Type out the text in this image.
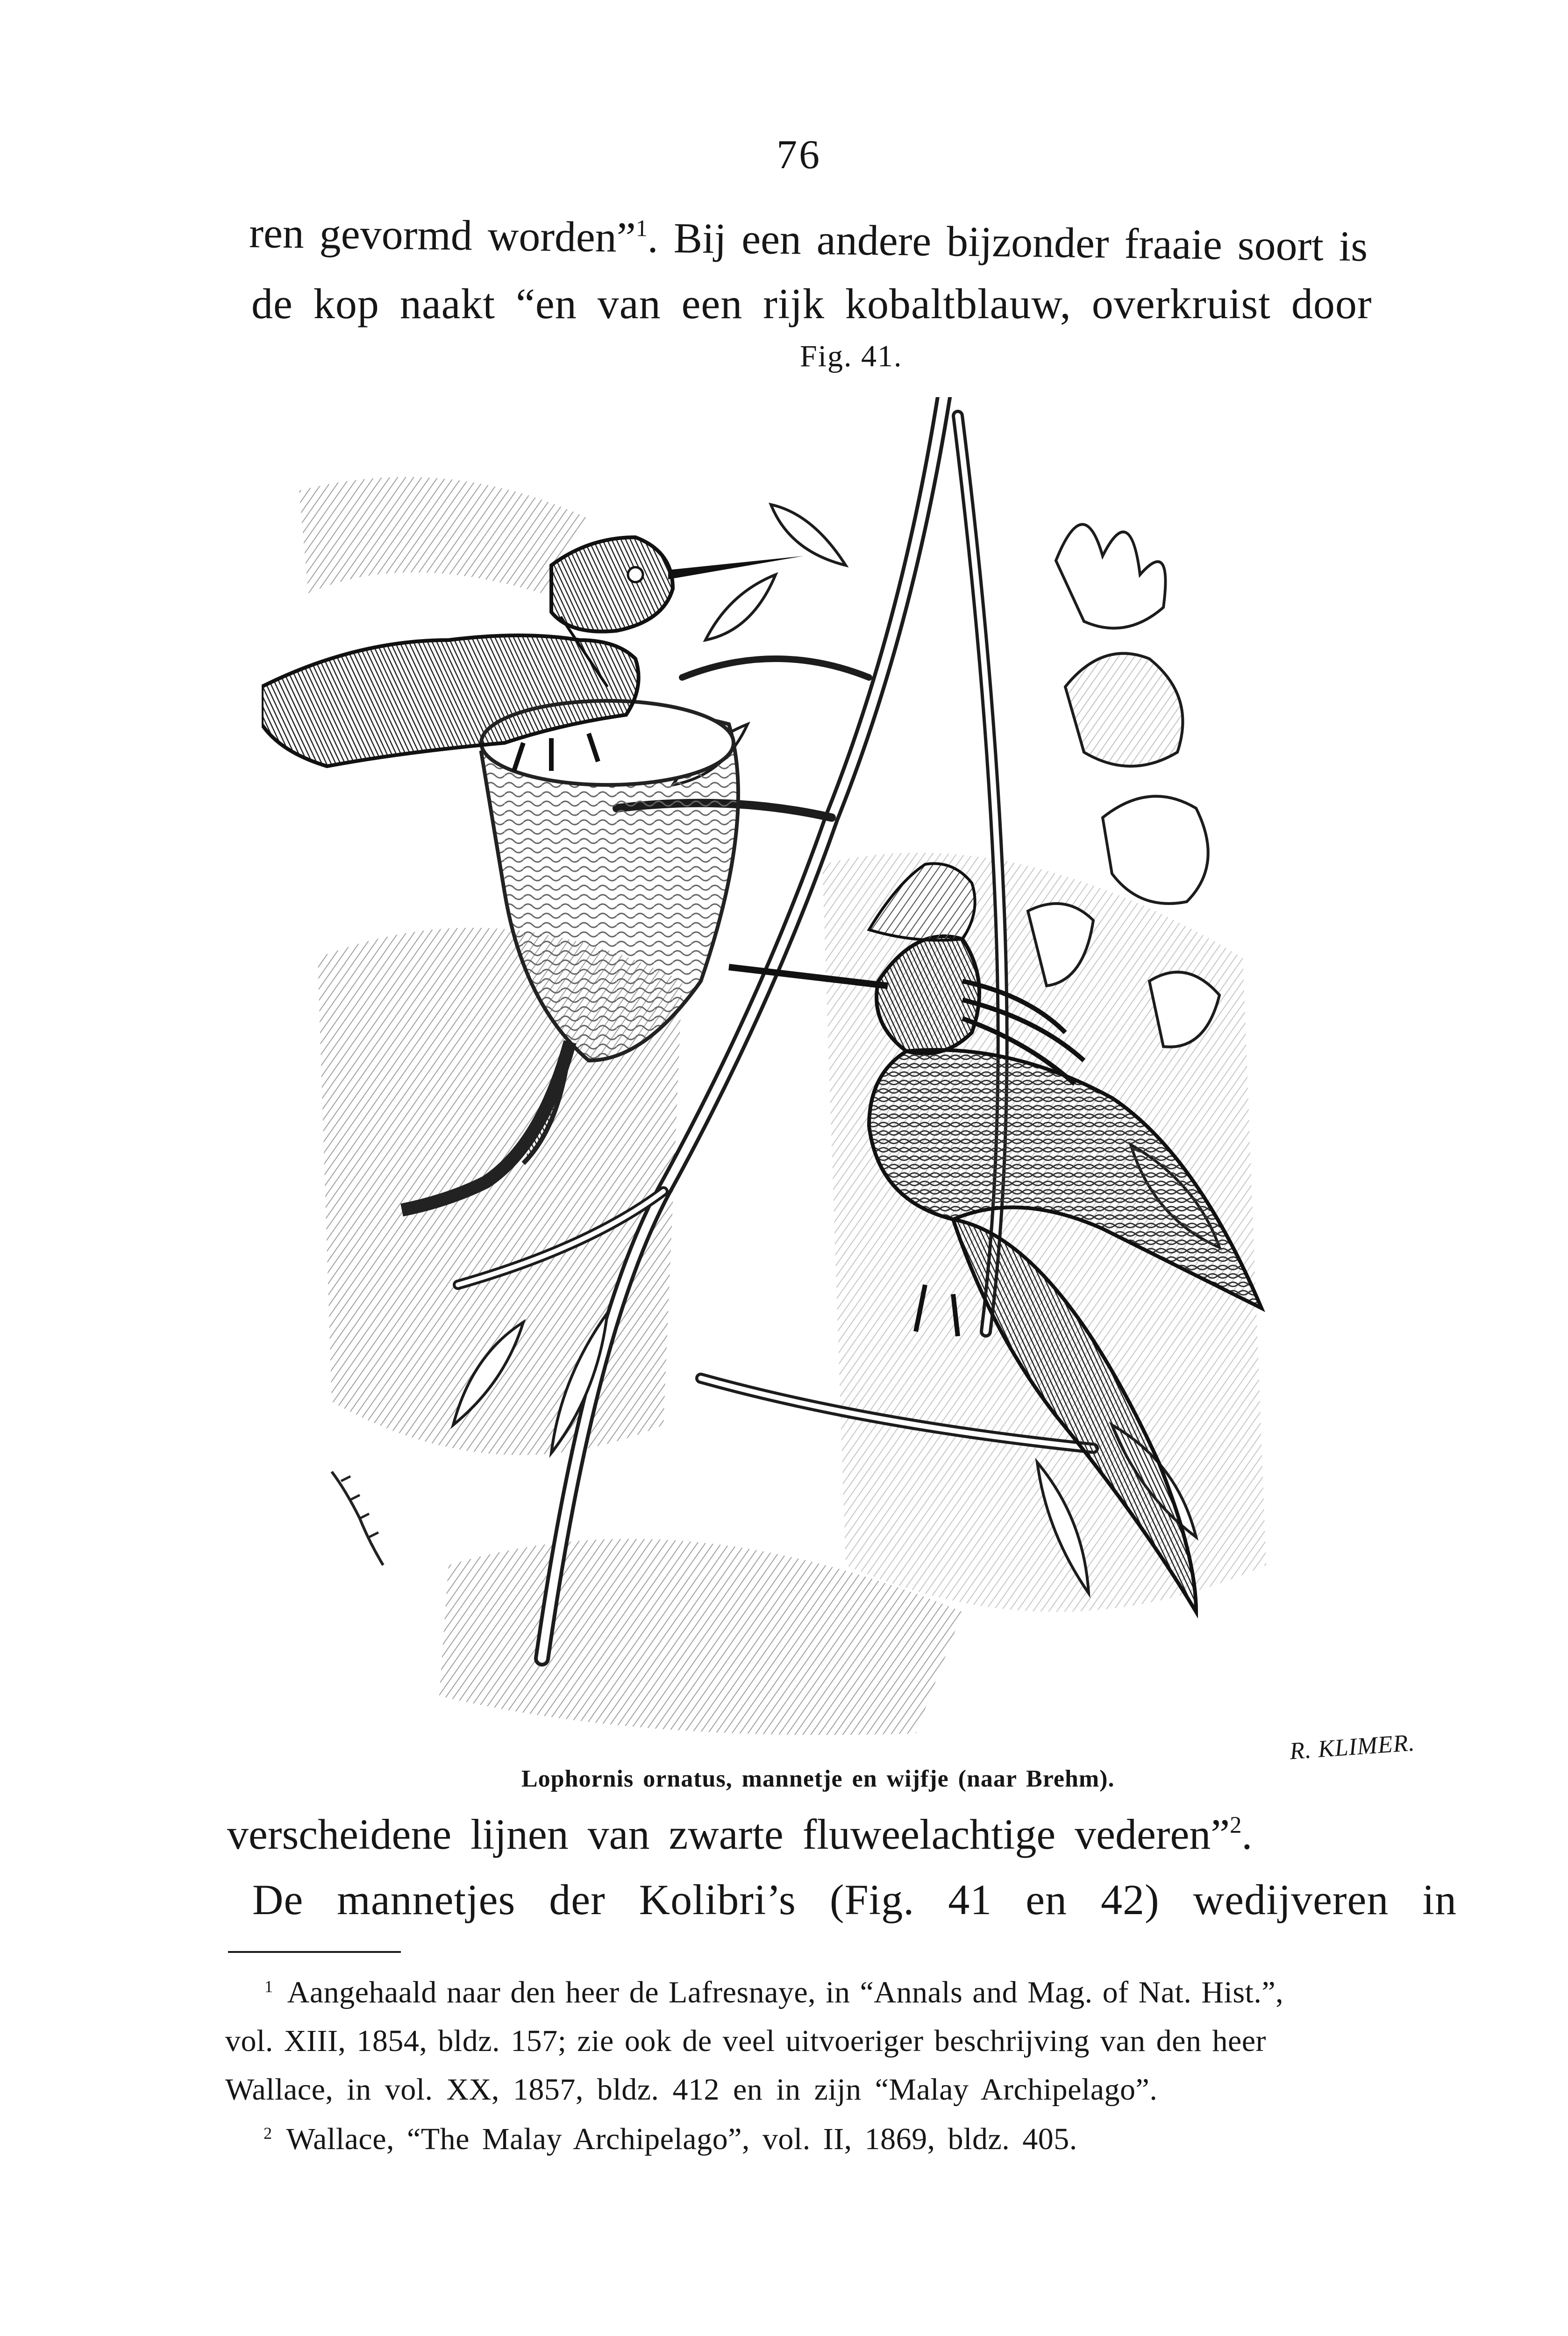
76
ren gevormd worden”$^1$. Bij een andere bijzonder fraaie soort is
de kop naakt “en van een rijk kobaltblauw, overkruist door
Fig. 41.
R. KLIMER.
Lophornis ornatus, mannetje en wijfje (naar Brehm).
verscheidene lijnen van zwarte fluweelachtige vederen”$^2$.
De mannetjes der Kolibri’s (Fig. 41 en 42) wedijveren in
$^1$ Aangehaald naar den heer de Lafresnaye, in “Annals and Mag. of Nat. Hist.”,
vol. XIII, 1854, bldz. 157; zie ook de veel uitvoeriger beschrijving van den heer
Wallace, in vol. XX, 1857, bldz. 412 en in zijn “Malay Archipelago”.
$^2$ Wallace, “The Malay Archipelago”, vol. II, 1869, bldz. 405.
